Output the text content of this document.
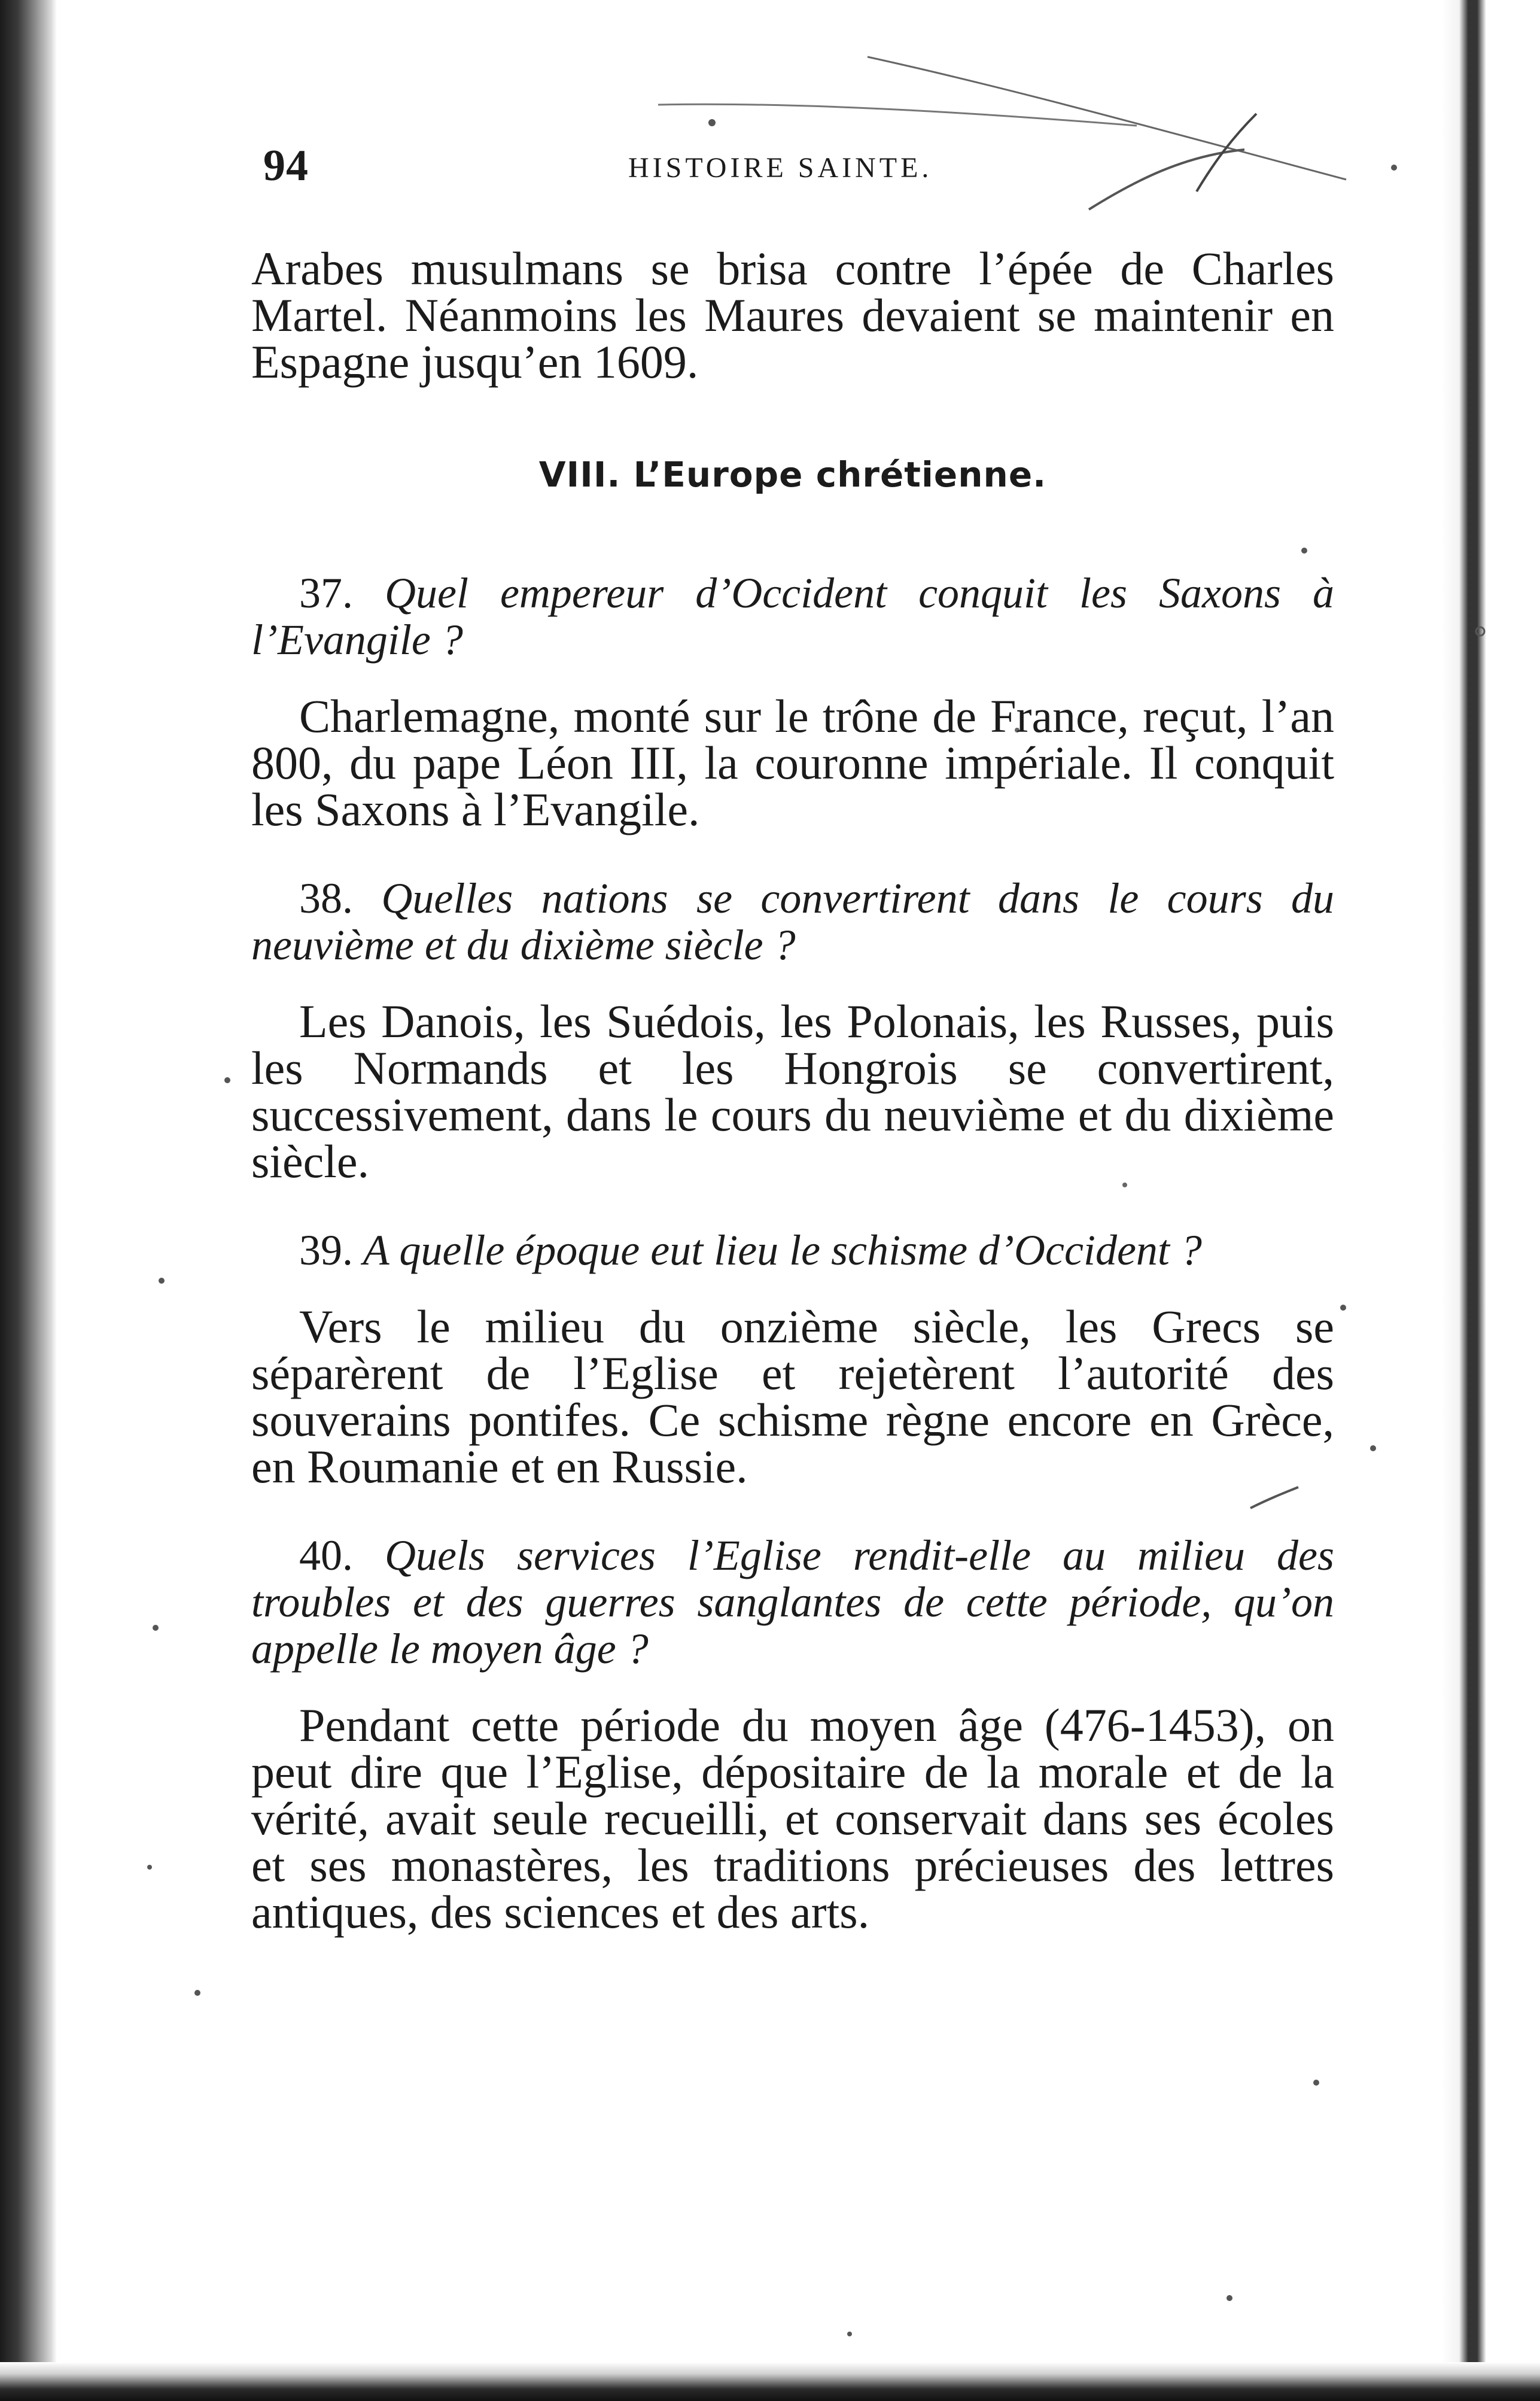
94	HISTOIRE SAINTE.

Arabes musulmans se brisa contre l’épée de Charles Martel. Néanmoins les Maures devaient se maintenir en Espagne jusqu’en 1609.

VIII. L’Europe chrétienne.

37. Quel empereur d’Occident conquit les Saxons à l’Evangile ?

Charlemagne, monté sur le trône de France, reçut, l’an 800, du pape Léon III, la couronne impériale. Il conquit les Saxons à l’Evangile.

38. Quelles nations se convertirent dans le cours du neuvième et du dixième siècle ?

Les Danois, les Suédois, les Polonais, les Russes, puis les Normands et les Hongrois se convertirent, successivement, dans le cours du neuvième et du dixième siècle.

39. A quelle époque eut lieu le schisme d’Occident ?

Vers le milieu du onzième siècle, les Grecs se séparèrent de l’Eglise et rejetèrent l’autorité des souverains pontifes. Ce schisme règne encore en Grèce, en Roumanie et en Russie.

40. Quels services l’Eglise rendit-elle au milieu des troubles et des guerres sanglantes de cette période, qu’on appelle le moyen âge ?

Pendant cette période du moyen âge (476-1453), on peut dire que l’Eglise, dépositaire de la morale et de la vérité, avait seule recueilli, et conservait dans ses écoles et ses monastères, les traditions précieuses des lettres antiques, des sciences et des arts.
